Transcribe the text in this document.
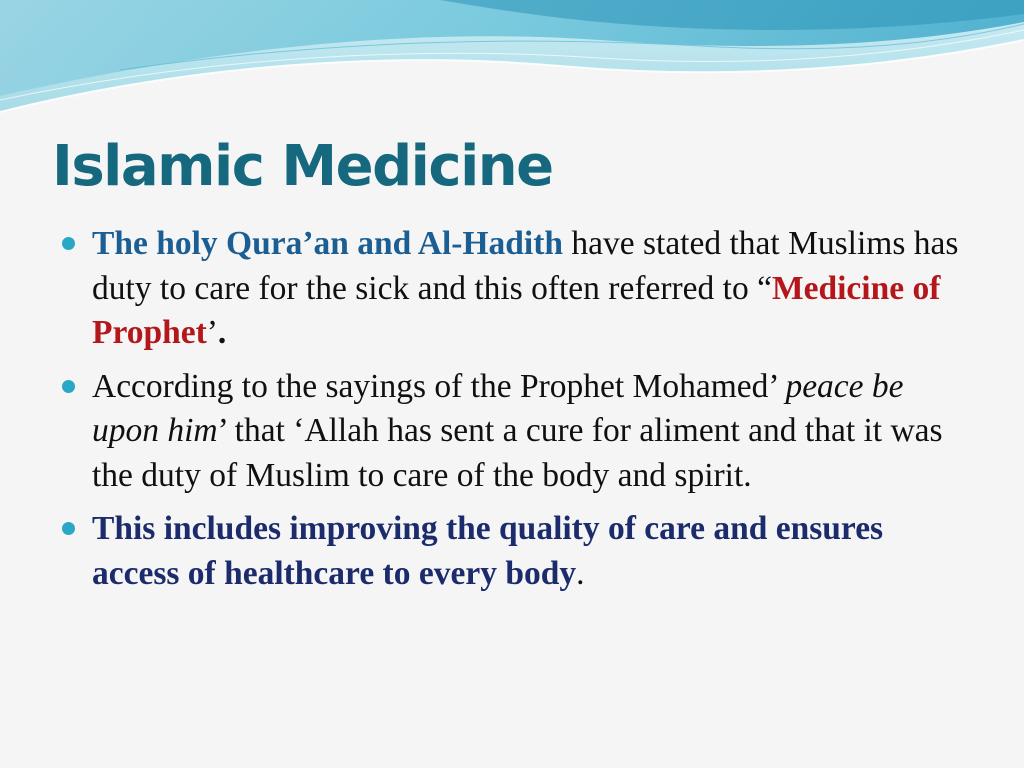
Islamic Medicine
The holy Qura’an and Al-Hadith have stated that Muslims has duty to care for the sick and this often referred to “Medicine of Prophet’.
According to the sayings of the Prophet Mohamed’ peace be upon him’ that ‘Allah has sent a cure for aliment and that it was the duty of Muslim to care of the body and spirit.
This includes improving the quality of care and ensures access of healthcare to every body.
